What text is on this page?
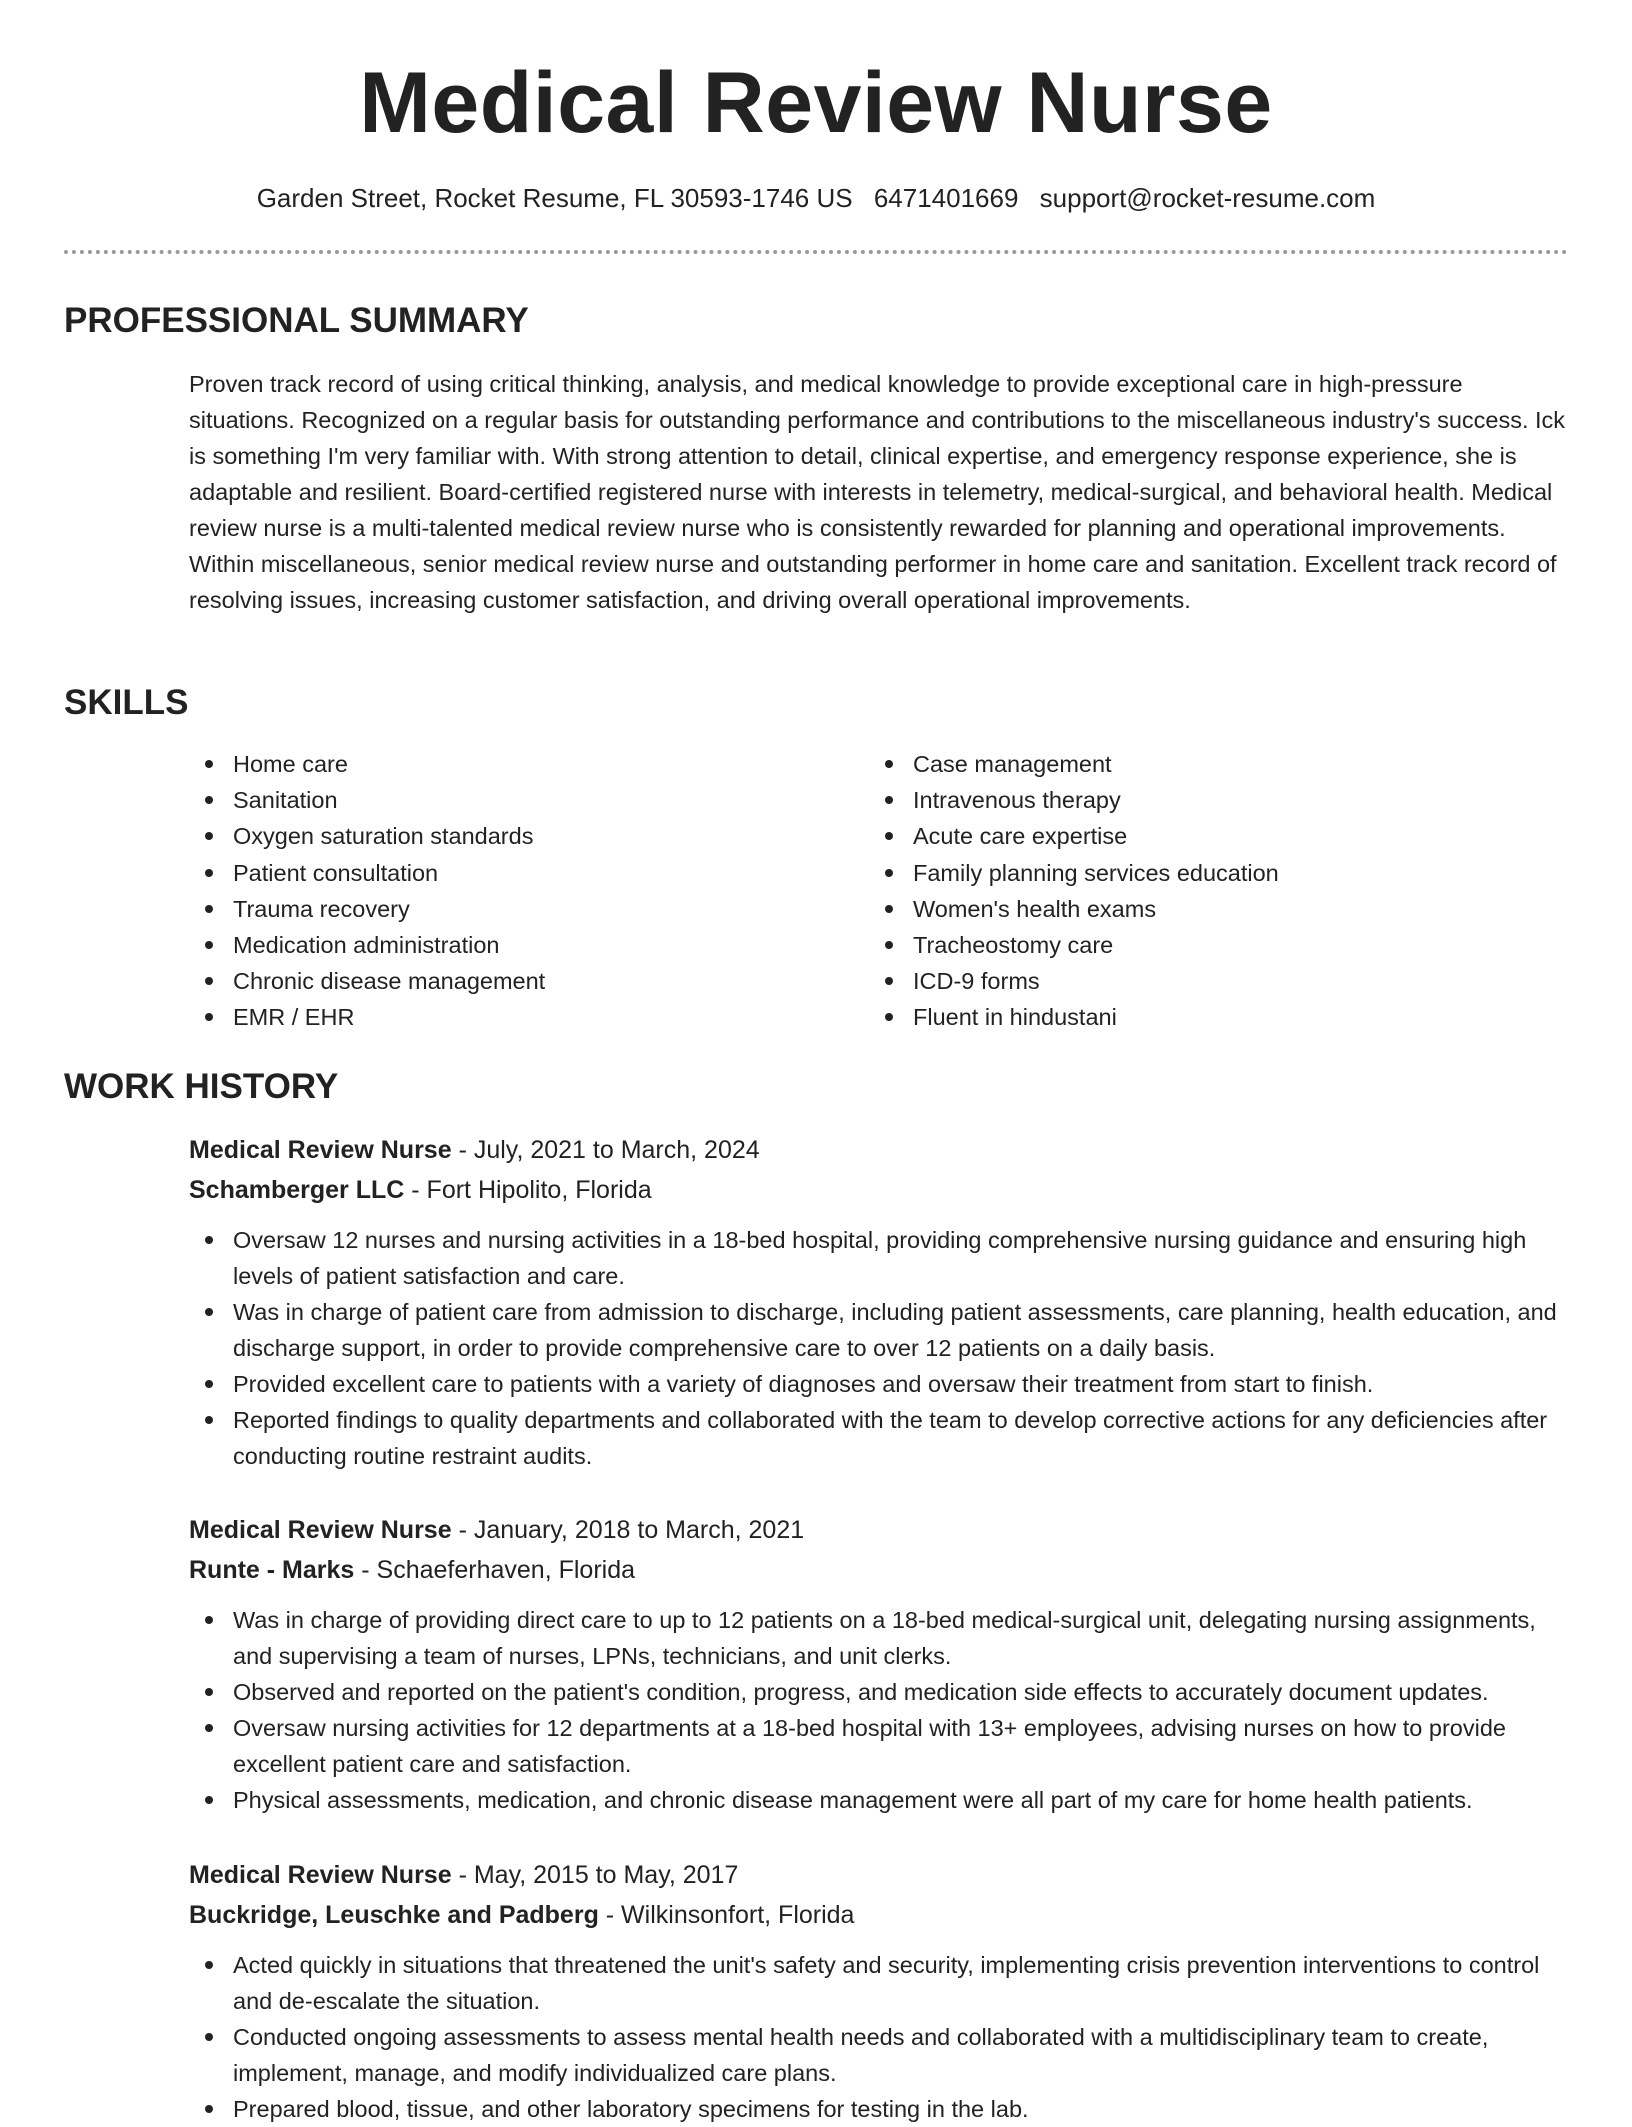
Medical Review Nurse
Garden Street, Rocket Resume, FL 30593-1746 US 6471401669 support@rocket-resume.com
PROFESSIONAL SUMMARY

Proven track record of using critical thinking, analysis, and medical knowledge to provide exceptional care in high-pressure situations. Recognized on a regular basis for outstanding performance and contributions to the miscellaneous industry's success. Ick is something I'm very familiar with. With strong attention to detail, clinical expertise, and emergency response experience, she is adaptable and resilient. Board-certified registered nurse with interests in telemetry, medical-surgical, and behavioral health. Medical review nurse is a multi-talented medical review nurse who is consistently rewarded for planning and operational improvements. Within miscellaneous, senior medical review nurse and outstanding performer in home care and sanitation. Excellent track record of resolving issues, increasing customer satisfaction, and driving overall operational improvements.

SKILLS
Home care
Sanitation
Oxygen saturation standards
Patient consultation
Trauma recovery
Medication administration
Chronic disease management
EMR / EHR
Case management
Intravenous therapy
Acute care expertise
Family planning services education
Women's health exams
Tracheostomy care
ICD-9 forms
Fluent in hindustani
WORK HISTORY
Medical Review Nurse - July, 2021 to March, 2024
Schamberger LLC - Fort Hipolito, Florida
Oversaw 12 nurses and nursing activities in a 18-bed hospital, providing comprehensive nursing guidance and ensuring high levels of patient satisfaction and care.
Was in charge of patient care from admission to discharge, including patient assessments, care planning, health education, and discharge support, in order to provide comprehensive care to over 12 patients on a daily basis.
Provided excellent care to patients with a variety of diagnoses and oversaw their treatment from start to finish.
Reported findings to quality departments and collaborated with the team to develop corrective actions for any deficiencies after conducting routine restraint audits.
Medical Review Nurse - January, 2018 to March, 2021
Runte - Marks - Schaeferhaven, Florida
Was in charge of providing direct care to up to 12 patients on a 18-bed medical-surgical unit, delegating nursing assignments, and supervising a team of nurses, LPNs, technicians, and unit clerks.
Observed and reported on the patient's condition, progress, and medication side effects to accurately document updates.
Oversaw nursing activities for 12 departments at a 18-bed hospital with 13+ employees, advising nurses on how to provide excellent patient care and satisfaction.
Physical assessments, medication, and chronic disease management were all part of my care for home health patients.
Medical Review Nurse - May, 2015 to May, 2017
Buckridge, Leuschke and Padberg - Wilkinsonfort, Florida
Acted quickly in situations that threatened the unit's safety and security, implementing crisis prevention interventions to control and de-escalate the situation.
Conducted ongoing assessments to assess mental health needs and collaborated with a multidisciplinary team to create, implement, manage, and modify individualized care plans.
Prepared blood, tissue, and other laboratory specimens for testing in the lab.
